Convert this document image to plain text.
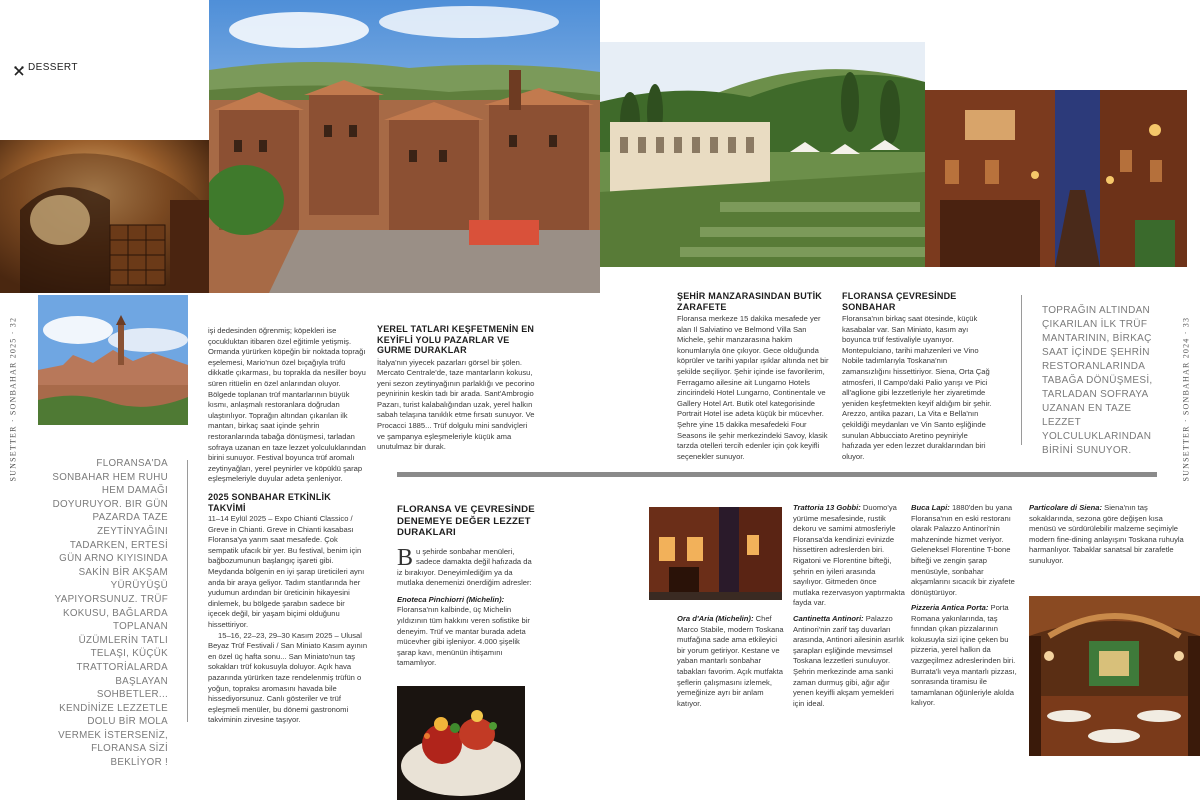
DESSERT
SUNSETTER · SONBAHAR 2025 · 32	FLORANSA'DA SONBAHAR HEM RUHU HEM DAMAĞI DOYURUYOR. BIR GÜN PAZARDA TAZE ZEYTİNYAĞINI TADARKEN, ERTESİ GÜN ARNO KIYISINDA SAKİN BİR AKŞAM YÜRÜYÜŞÜ YAPIYORSUNUZ. TRÜF KOKUSU, BAĞLARDA TOPLANAN ÜZÜMLERİN TATLI TELAŞI, KÜÇÜK TRATTORİALARDA BAŞLAYAN SOHBETLER... KENDİNİZE LEZZETLE DOLU BİR MOLA VERMEK İSTERSENİZ, FLORANSA SİZİ BEKLİYOR !

işi dedesinden öğrenmiş; köpekleri ise çocukluktan itibaren özel eğitimle yetişmiş. Ormanda yürürken köpeğin bir noktada toprağı eşelemesi, Mario'nun özel bıçağıyla trüfü dikkatle çıkarması, bu toprakla da nesiller boyu süren ritüelin en özel anlarından oluyor. Bölgede toplanan trüf mantarlarının büyük kısmı, anlaşmalı restoranlara doğrudan ulaştırılıyor. Toprağın altından çıkarılan ilk mantarı, birkaç saat içinde şehrin restoranlarında tabağa dönüşmesi, tarladan sofraya uzanan en taze lezzet yolculuklarından birini sunuyor. Festival boyunca trüf aromalı zeytinyağları, yerel peynirler ve köpüklü şarap eşleşmeleriyle duyular adeta şenleniyor.

2025 SONBAHAR ETKİNLİK TAKVİMİ

11–14 Eylül 2025 – Expo Chianti Classico / Greve in Chianti. Greve in Chianti kasabası Floransa'ya yarım saat mesafede. Çok sempatik ufacık bir yer. Bu festival, benim için bağbozumunun başlangıç işareti gibi. Meydanda bölgenin en iyi şarap üreticileri aynı anda bir araya geliyor. Tadım stantlarında her yudumun ardından bir üreticinin hikayesini dinlemek, bu bölgede şarabın sadece bir içecek değil, bir yaşam biçimi olduğunu hissettiriyor.

15–16, 22–23, 29–30 Kasım 2025 – Ulusal Beyaz Trüf Festivali / San Miniato Kasım ayının en özel üç hafta sonu... San Miniato'nun taş sokakları trüf kokusuyla doluyor. Açık hava pazarında yürürken taze rendelenmiş trüfün o yoğun, topraksı aromasını havada bile hissediyorsunuz. Canlı gösteriler ve trüf eşleşmeli menüler, bu dönemi gastronomi takviminin zirvesine taşıyor.

YEREL TATLARI KEŞFETMENİN EN KEYİFLİ YOLU PAZARLAR VE GURME DURAKLAR

İtalya'nın yiyecek pazarları görsel bir şölen. Mercato Centrale'de, taze mantarların kokusu, yeni sezon zeytinyağının parlaklığı ve pecorino peynirinin keskin tadı bir arada. Sant'Ambrogio Pazarı, turist kalabalığından uzak, yerel halkın sabah telaşına tanıklık etme fırsatı sunuyor. Ve Procacci 1885... Trüf dolgulu mini sandviçleri ve şampanya eşleşmeleriyle küçük ama unutulmaz bir durak.

FLORANSA VE ÇEVRESİNDE DENEMEYE DEĞER LEZZET DURAKLARI
B u şehirde sonbahar menüleri, sadece damakta değil hafızada da iz bırakıyor. Deneyimlediğim ya da mutlaka denemenizi önerdiğim adresler:
Enoteca Pinchiorri (Michelin): Floransa'nın kalbinde, üç Michelin yıldızının tüm hakkını veren sofistike bir deneyim. Trüf ve mantar burada adeta mücevher gibi işleniyor. 4.000 şişelik şarap kavı, menünün ihtişamını tamamlıyor.
ŞEHİR MANZARASINDAN BUTİK ZARAFETE

Floransa merkeze 15 dakika mesafede yer alan Il Salviatino ve Belmond Villa San Michele, şehir manzarasına hakim konumlarıyla öne çıkıyor. Gece olduğunda köprüler ve tarihi yapılar ışıklar altında net bir şekilde seçiliyor. Şehir içinde ise favorilerim, Ferragamo ailesine ait Lungarno Hotels zincirindeki Hotel Lungarno, Continentale ve Gallery Hotel Art. Butik otel kategorisinde Portrait Hotel ise adeta küçük bir mücevher. Şehre yine 15 dakika mesafedeki Four Seasons ile şehir merkezindeki Savoy, klasik tarzda otelleri tercih edenler için çok keyifli seçenekler sunuyor.

FLORANSA ÇEVRESİNDE SONBAHAR

Floransa'nın birkaç saat ötesinde, küçük kasabalar var. San Miniato, kasım ayı boyunca trüf festivaliyle uyanıyor. Montepulciano, tarihi mahzenleri ve Vino Nobile tadımlarıyla Toskana'nın zamansızlığını hissettiriyor. Siena, Orta Çağ atmosferi, Il Campo'daki Palio yarışı ve Pici all'aglione gibi lezzetleriyle her ziyaretimde yeniden keşfetmekten keyif aldığım bir şehir. Arezzo, antika pazarı, La Vita e Bella'nın çekildiği meydanları ve Vin Santo eşliğinde sunulan Abbucciato Aretino peyniriyle hafızada yer eden lezzet duraklarından biri oluyor.

TOPRAĞIN ALTINDAN ÇIKARILAN İLK TRÜF MANTARININ, BİRKAÇ SAAT İÇİNDE ŞEHRİN RESTORANLARINDA TABAĞA DÖNÜŞMESİ, TARLADAN SOFRAYA UZANAN EN TAZE LEZZET YOLCULUKLARINDAN BİRİNİ SUNUYOR.	SUNSETTER · SONBAHAR 2024 · 33
Ora d'Aria (Michelin): Chef Marco Stabile, modern Toskana mutfağına sade ama etkileyici bir yorum getiriyor. Kestane ve yaban mantarlı sonbahar tabakları favorim. Açık mutfakta şeflerin çalışmasını izlemek, yemeğinize ayrı bir anlam katıyor.
Trattoria 13 Gobbi: Duomo'ya yürüme mesafesinde, rustik dekoru ve samimi atmosferiyle Floransa'da kendinizi evinizde hissettiren adreslerden biri. Rigatoni ve Florentine bifteği, şehrin en iyileri arasında sayılıyor. Gitmeden önce mutlaka rezervasyon yaptırmakta fayda var.
Cantinetta Antinori: Palazzo Antinori'nin zarif taş duvarları arasında, Antinori ailesinin asırlık şarapları eşliğinde mevsimsel Toskana lezzetleri sunuluyor. Şehrin merkezinde ama sanki zaman durmuş gibi, ağır ağır yenen keyifli akşam yemekleri için ideal.
Buca Lapi: 1880'den bu yana Floransa'nın en eski restoranı olarak Palazzo Antinori'nin mahzeninde hizmet veriyor. Geleneksel Florentine T-bone bifteği ve zengin şarap menüsüyle, sonbahar akşamlarını sıcacık bir ziyafete dönüştürüyor.
Pizzeria Antica Porta: Porta Romana yakınlarında, taş fırından çıkan pizzalarının kokusuyla sizi içine çeken bu pizzeria, yerel halkın da vazgeçilmez adreslerinden biri. Burrata'lı veya mantarlı pizzası, sonrasında tiramisu ile tamamlanan öğünleriyle akılda kalıyor.
Particolare di Siena: Siena'nın taş sokaklarında, sezona göre değişen kısa menüsü ve sürdürülebilir malzeme seçimiyle modern fine-dining anlayışını Toskana ruhuyla harmanlıyor. Tabaklar sanatsal bir zarafetle sunuluyor.
